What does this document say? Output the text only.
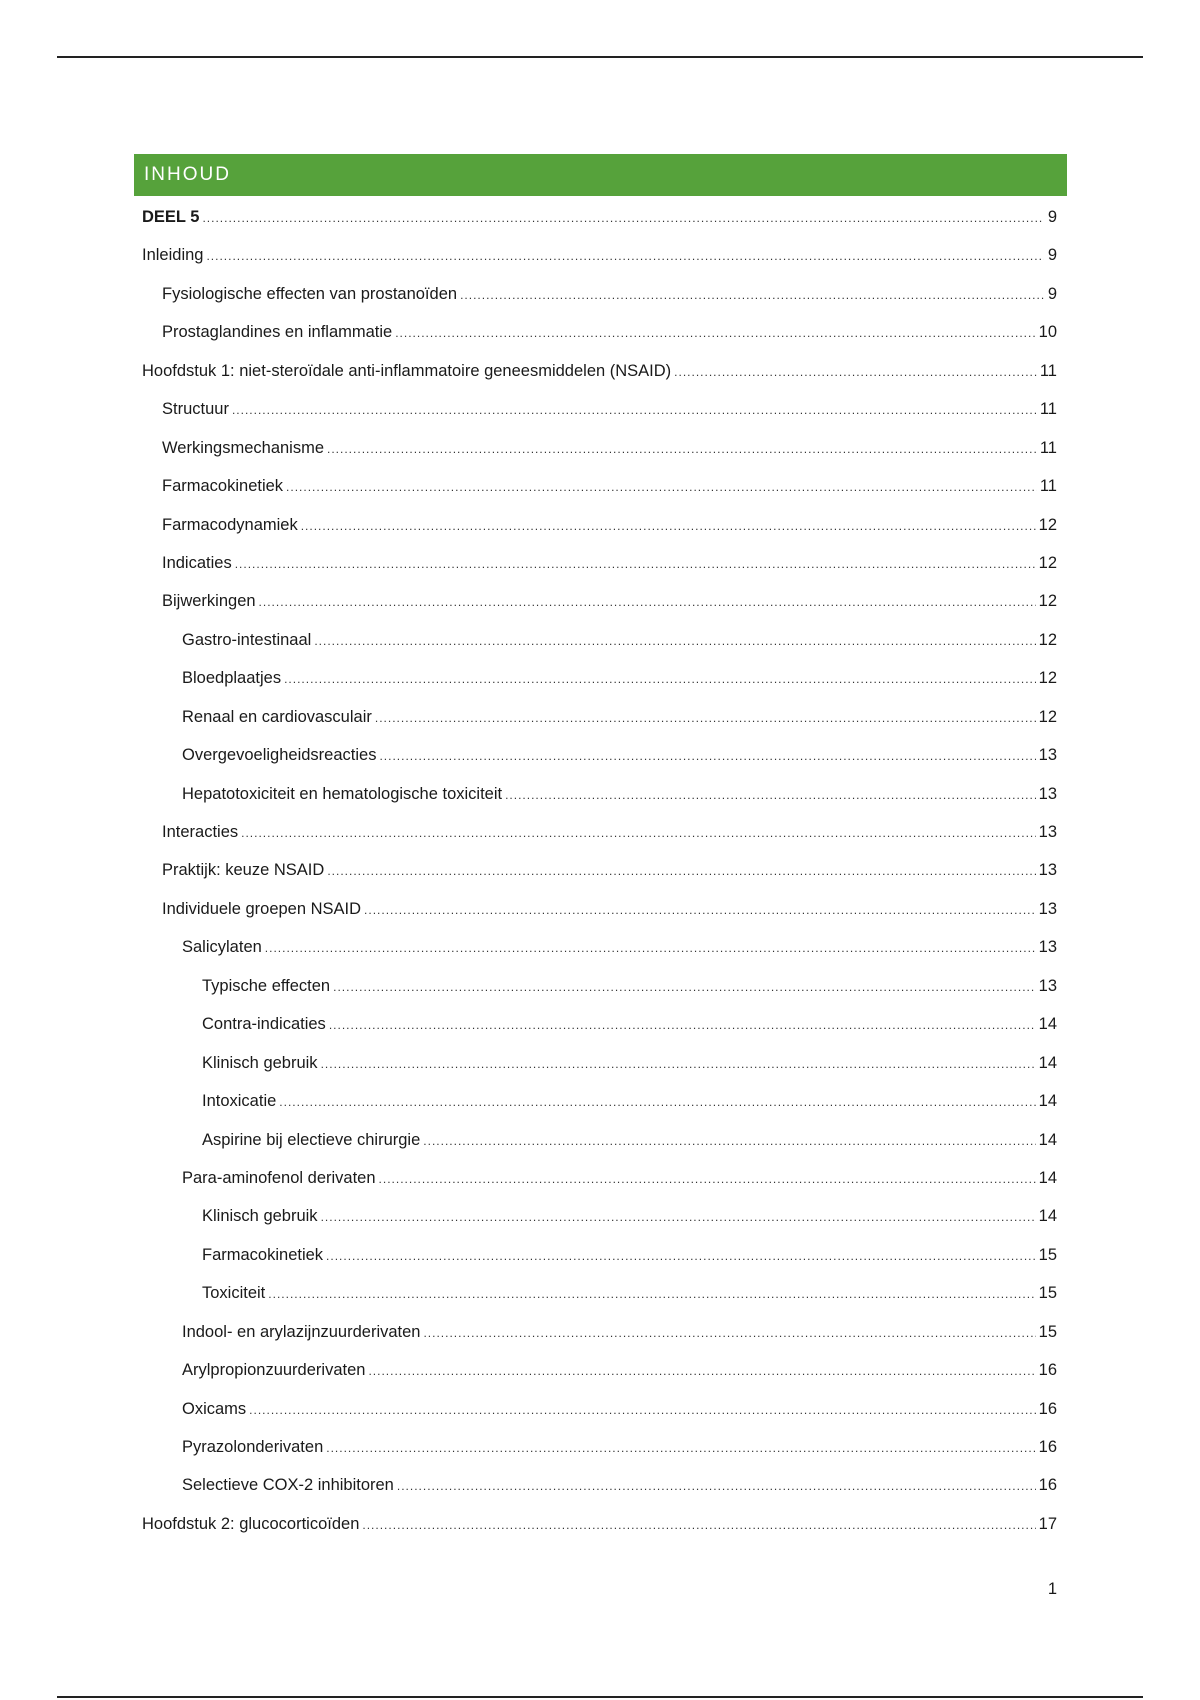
INHOUD
DEEL 5 .....	9
Inleiding .....	9
Fysiologische effecten van prostanoïden .....	9
Prostaglandines en inflammatie .....	10
Hoofdstuk 1: niet-steroïdale anti-inflammatoire geneesmiddelen (NSAID) .....	11
Structuur .....	11
Werkingsmechanisme .....	11
Farmacokinetiek .....	11
Farmacodynamiek .....	12
Indicaties .....	12
Bijwerkingen .....	12
Gastro-intestinaal .....	12
Bloedplaatjes .....	12
Renaal en cardiovasculair .....	12
Overgevoeligheidsreacties .....	13
Hepatotoxiciteit en hematologische toxiciteit .....	13
Interacties .....	13
Praktijk: keuze NSAID .....	13
Individuele groepen NSAID .....	13
Salicylaten .....	13
Typische effecten .....	13
Contra-indicaties .....	14
Klinisch gebruik .....	14
Intoxicatie .....	14
Aspirine bij electieve chirurgie .....	14
Para-aminofenol derivaten .....	14
Klinisch gebruik .....	14
Farmacokinetiek .....	15
Toxiciteit .....	15
Indool- en arylazijnzuurderivaten .....	15
Arylpropionzuurderivaten .....	16
Oxicams .....	16
Pyrazolonderivaten .....	16
Selectieve COX-2 inhibitoren .....	16
Hoofdstuk 2: glucocorticoïden .....	17
1
